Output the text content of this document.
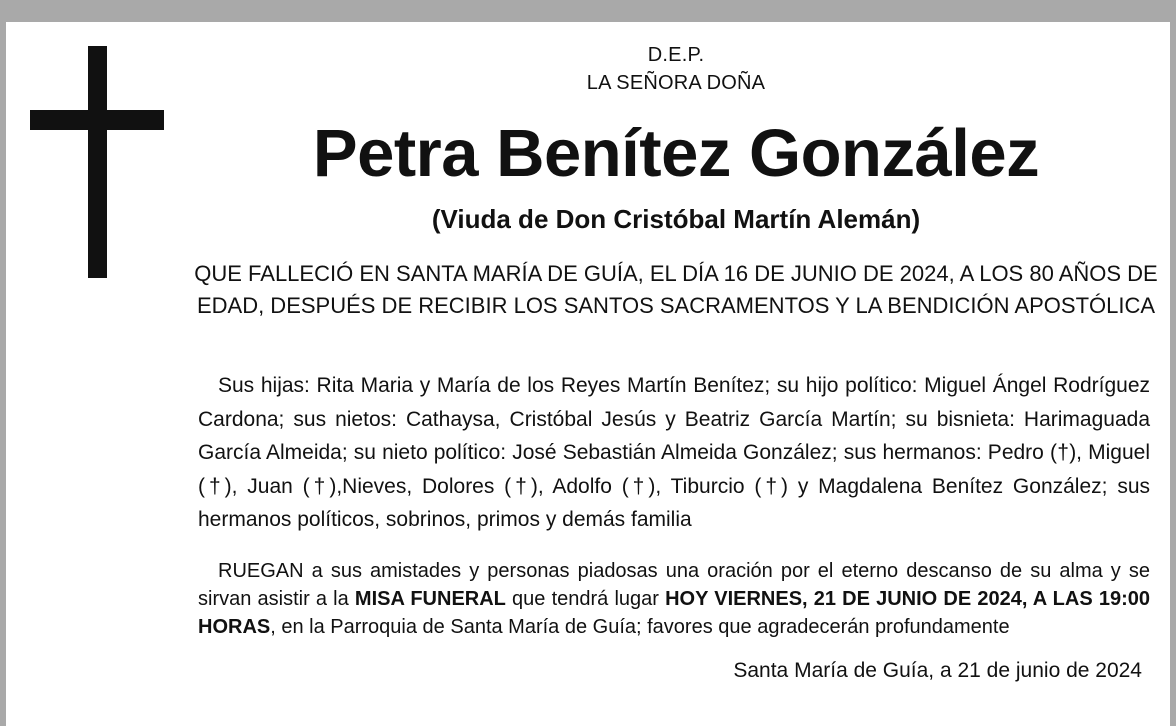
D.E.P.
LA SEÑORA DOÑA
Petra Benítez González
(Viuda de Don Cristóbal Martín Alemán)
QUE FALLECIÓ EN SANTA MARÍA DE GUÍA, EL DÍA 16 DE JUNIO DE 2024, A LOS 80 AÑOS DE EDAD, DESPUÉS DE RECIBIR LOS SANTOS SACRAMENTOS Y LA BENDICIÓN APOSTÓLICA
Sus hijas: Rita Maria y María de los Reyes Martín Benítez; su hijo político: Miguel Ángel Rodríguez Cardona; sus nietos: Cathaysa, Cristóbal Jesús y Beatriz García Martín; su bisnieta: Harimaguada García Almeida; su nieto político: José Sebastián Almeida González; sus hermanos: Pedro (†), Miguel (†), Juan (†),Nieves, Dolores (†), Adolfo (†), Tiburcio (†) y Magdalena Benítez González; sus hermanos políticos, sobrinos, primos y demás familia
RUEGAN a sus amistades y personas piadosas una oración por el eterno descanso de su alma y se sirvan asistir a la MISA FUNERAL que tendrá lugar HOY VIERNES, 21 DE JUNIO DE 2024, A LAS 19:00 HORAS, en la Parroquia de Santa María de Guía; favores que agradecerán profundamente
Santa María de Guía, a 21 de junio de 2024
